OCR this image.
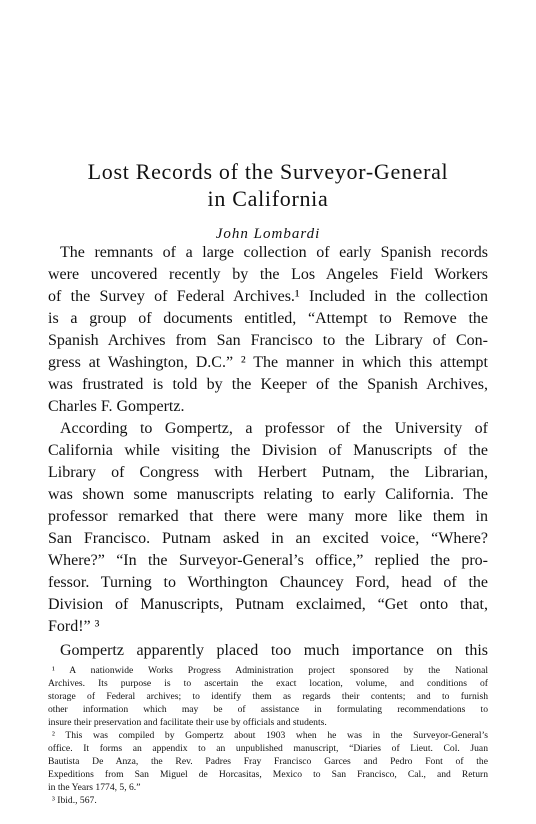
Lost Records of the Surveyor-General
in California
John Lombardi
The remnants of a large collection of early Spanish records
were uncovered recently by the Los Angeles Field Workers
of the Survey of Federal Archives.¹ Included in the collection
is a group of documents entitled, “Attempt to Remove the
Spanish Archives from San Francisco to the Library of Con-
gress at Washington, D.C.” ² The manner in which this attempt
was frustrated is told by the Keeper of the Spanish Archives,
Charles F. Gompertz.
According to Gompertz, a professor of the University of
California while visiting the Division of Manuscripts of the
Library of Congress with Herbert Putnam, the Librarian,
was shown some manuscripts relating to early California. The
professor remarked that there were many more like them in
San Francisco. Putnam asked in an excited voice, “Where?
Where?” “In the Surveyor-General’s office,” replied the pro-
fessor. Turning to Worthington Chauncey Ford, head of the
Division of Manuscripts, Putnam exclaimed, “Get onto that,
Ford!” ³
Gompertz apparently placed too much importance on this
¹ A nationwide Works Progress Administration project sponsored by the National
Archives. Its purpose is to ascertain the exact location, volume, and conditions of
storage of Federal archives; to identify them as regards their contents; and to furnish
other information which may be of assistance in formulating recommendations to
insure their preservation and facilitate their use by officials and students.
² This was compiled by Gompertz about 1903 when he was in the Surveyor-General’s
office. It forms an appendix to an unpublished manuscript, “Diaries of Lieut. Col. Juan
Bautista De Anza, the Rev. Padres Fray Francisco Garces and Pedro Font of the
Expeditions from San Miguel de Horcasitas, Mexico to San Francisco, Cal., and Return
in the Years 1774, 5, 6.”
³ Ibid., 567.
